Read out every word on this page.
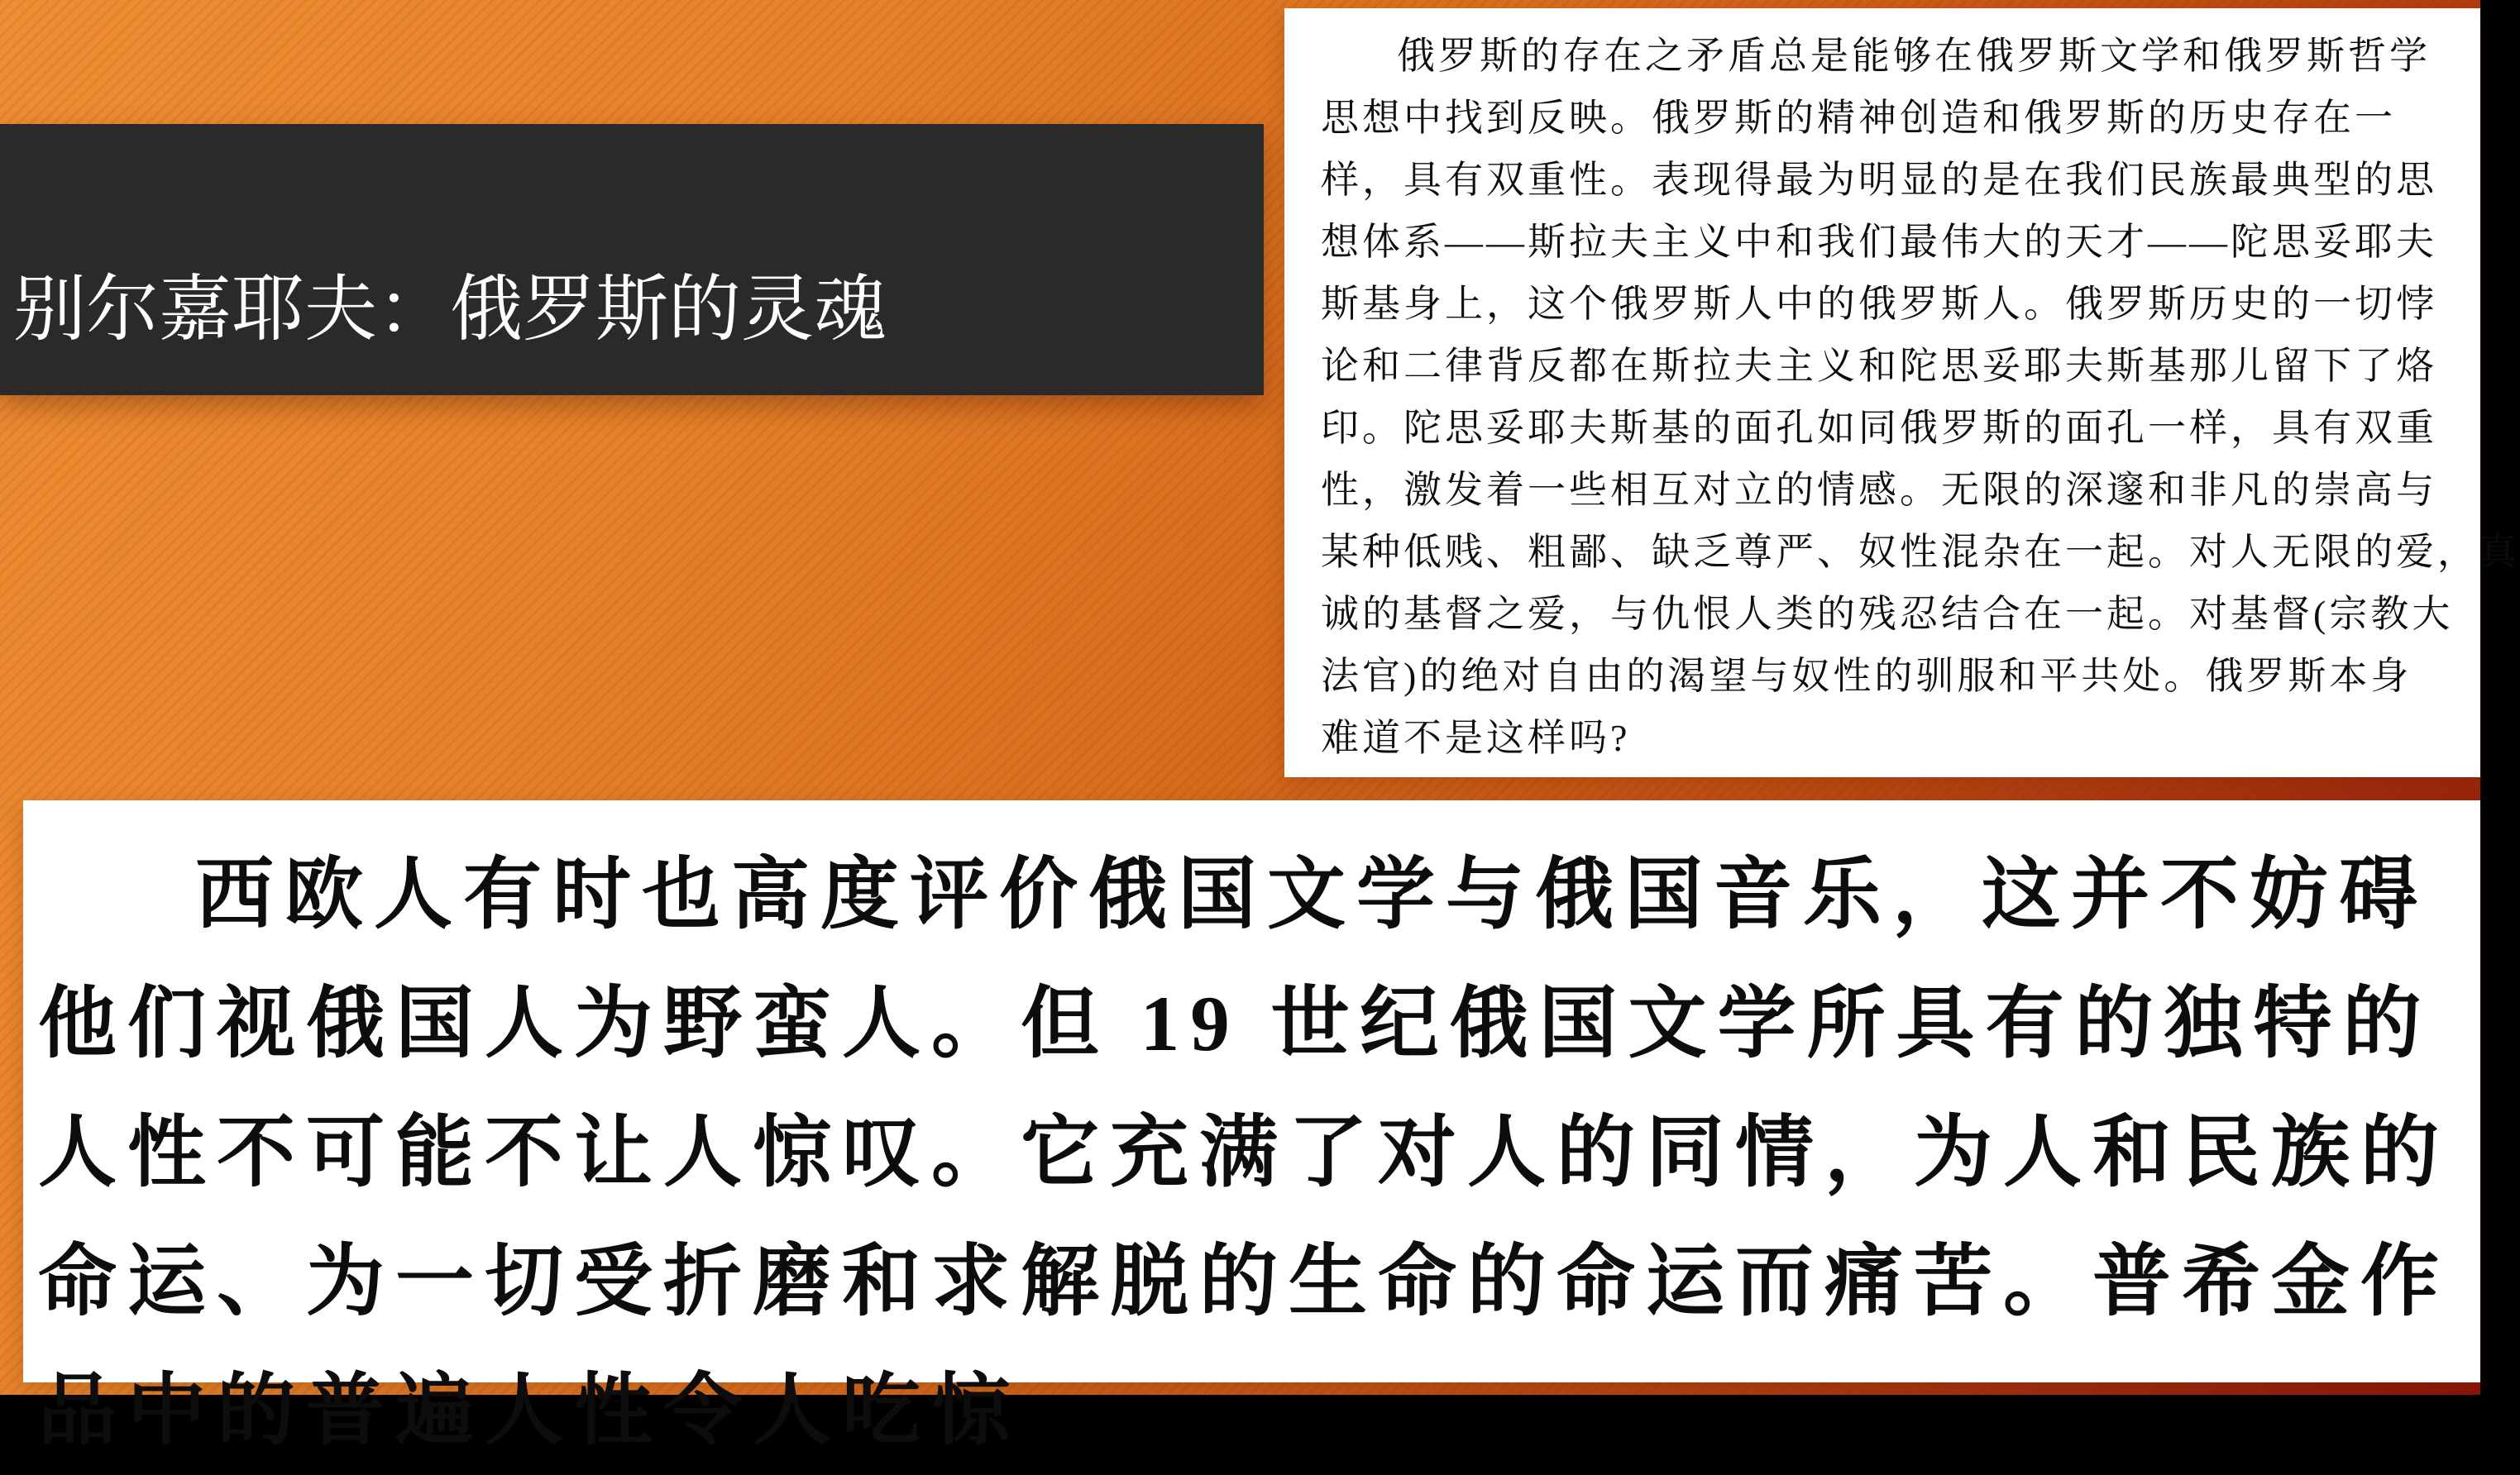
别尔嘉耶夫：俄罗斯的灵魂
俄罗斯的存在之矛盾总是能够在俄罗斯文学和俄罗斯哲学
思想中找到反映。俄罗斯的精神创造和俄罗斯的历史存在一
样，具有双重性。表现得最为明显的是在我们民族最典型的思
想体系——斯拉夫主义中和我们最伟大的天才——陀思妥耶夫
斯基身上，这个俄罗斯人中的俄罗斯人。俄罗斯历史的一切悖
论和二律背反都在斯拉夫主义和陀思妥耶夫斯基那儿留下了烙
印。陀思妥耶夫斯基的面孔如同俄罗斯的面孔一样，具有双重
性，激发着一些相互对立的情感。无限的深邃和非凡的崇高与
某种低贱、粗鄙、缺乏尊严、奴性混杂在一起。对人无限的爱，真
诚的基督之爱，与仇恨人类的残忍结合在一起。对基督(宗教大
法官)的绝对自由的渴望与奴性的驯服和平共处。俄罗斯本身
难道不是这样吗?
西欧人有时也高度评价俄国文学与俄国音乐，这并不妨碍
他们视俄国人为野蛮人。但 19 世纪俄国文学所具有的独特的
人性不可能不让人惊叹。它充满了对人的同情，为人和民族的
命运、为一切受折磨和求解脱的生命的命运而痛苦。普希金作
品中的普遍人性令人吃惊
